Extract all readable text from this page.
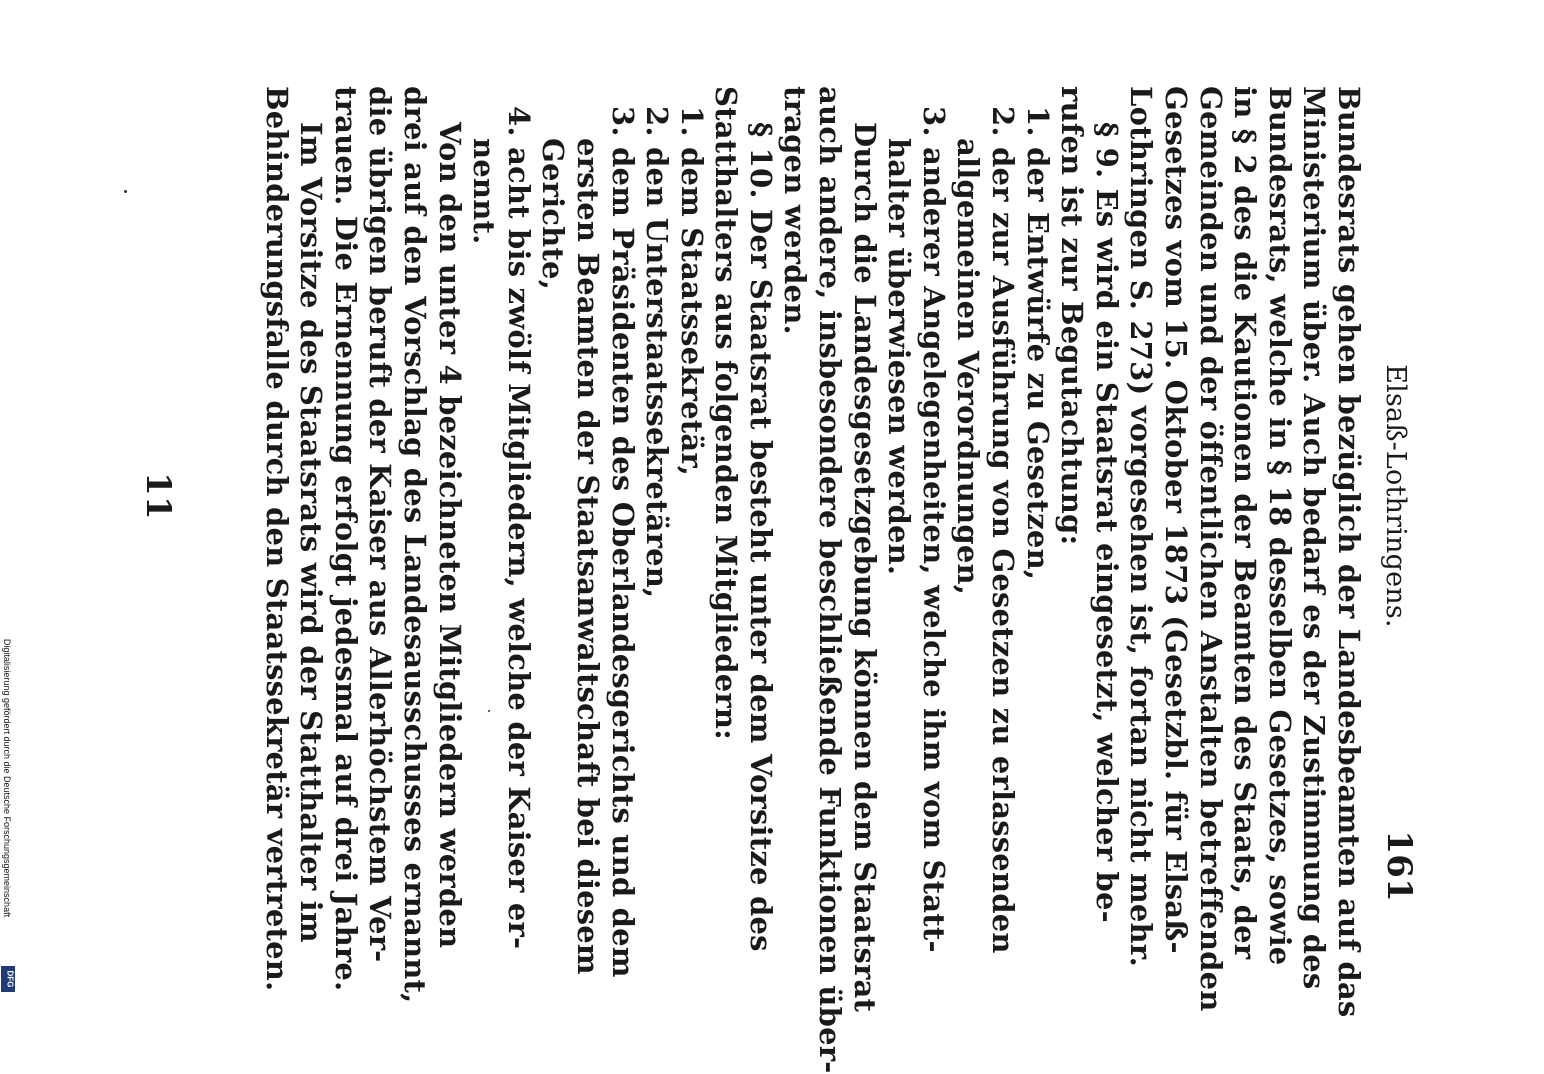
Elsaß-Lothringens.
161
Bundesrats gehen bezüglich der Landesbeamten auf das
Ministerium über. Auch bedarf es der Zustimmung des
Bundesrats, welche in § 18 desselben Gesetzes, sowie
in § 2 des die Kautionen der Beamten des Staats, der
Gemeinden und der öffentlichen Anstalten betreffenden
Gesetzes vom 15. Oktober 1873 (Gesetzbl. für Elsaß-
Lothringen S. 273) vorgesehen ist, fortan nicht mehr.
§ 9. Es wird ein Staatsrat eingesetzt, welcher be-
rufen ist zur Begutachtung:
1. der Entwürfe zu Gesetzen,
2. der zur Ausführung von Gesetzen zu erlassenden
allgemeinen Verordnungen,
3. anderer Angelegenheiten, welche ihm vom Statt-
halter überwiesen werden.
Durch die Landesgesetzgebung können dem Staatsrat
auch andere, insbesondere beschließende Funktionen über-
tragen werden.
§ 10. Der Staatsrat besteht unter dem Vorsitze des
Statthalters aus folgenden Mitgliedern:
1. dem Staatssekretär,
2. den Unterstaatssekretären,
3. dem Präsidenten des Oberlandesgerichts und dem
ersten Beamten der Staatsanwaltschaft bei diesem
Gerichte,
4. acht bis zwölf Mitgliedern, welche der Kaiser er-
nennt.
Von den unter 4 bezeichneten Mitgliedern werden
drei auf den Vorschlag des Landesausschusses ernannt,
die übrigen beruft der Kaiser aus Allerhöchstem Ver-
trauen. Die Ernennung erfolgt jedesmal auf drei Jahre.
Im Vorsitze des Staatsrats wird der Statthalter im
Behinderungsfalle durch den Staatssekretär vertreten.
11
Digitalisierung gefördert durch die Deutsche Forschungsgemeinschaft
DFG
